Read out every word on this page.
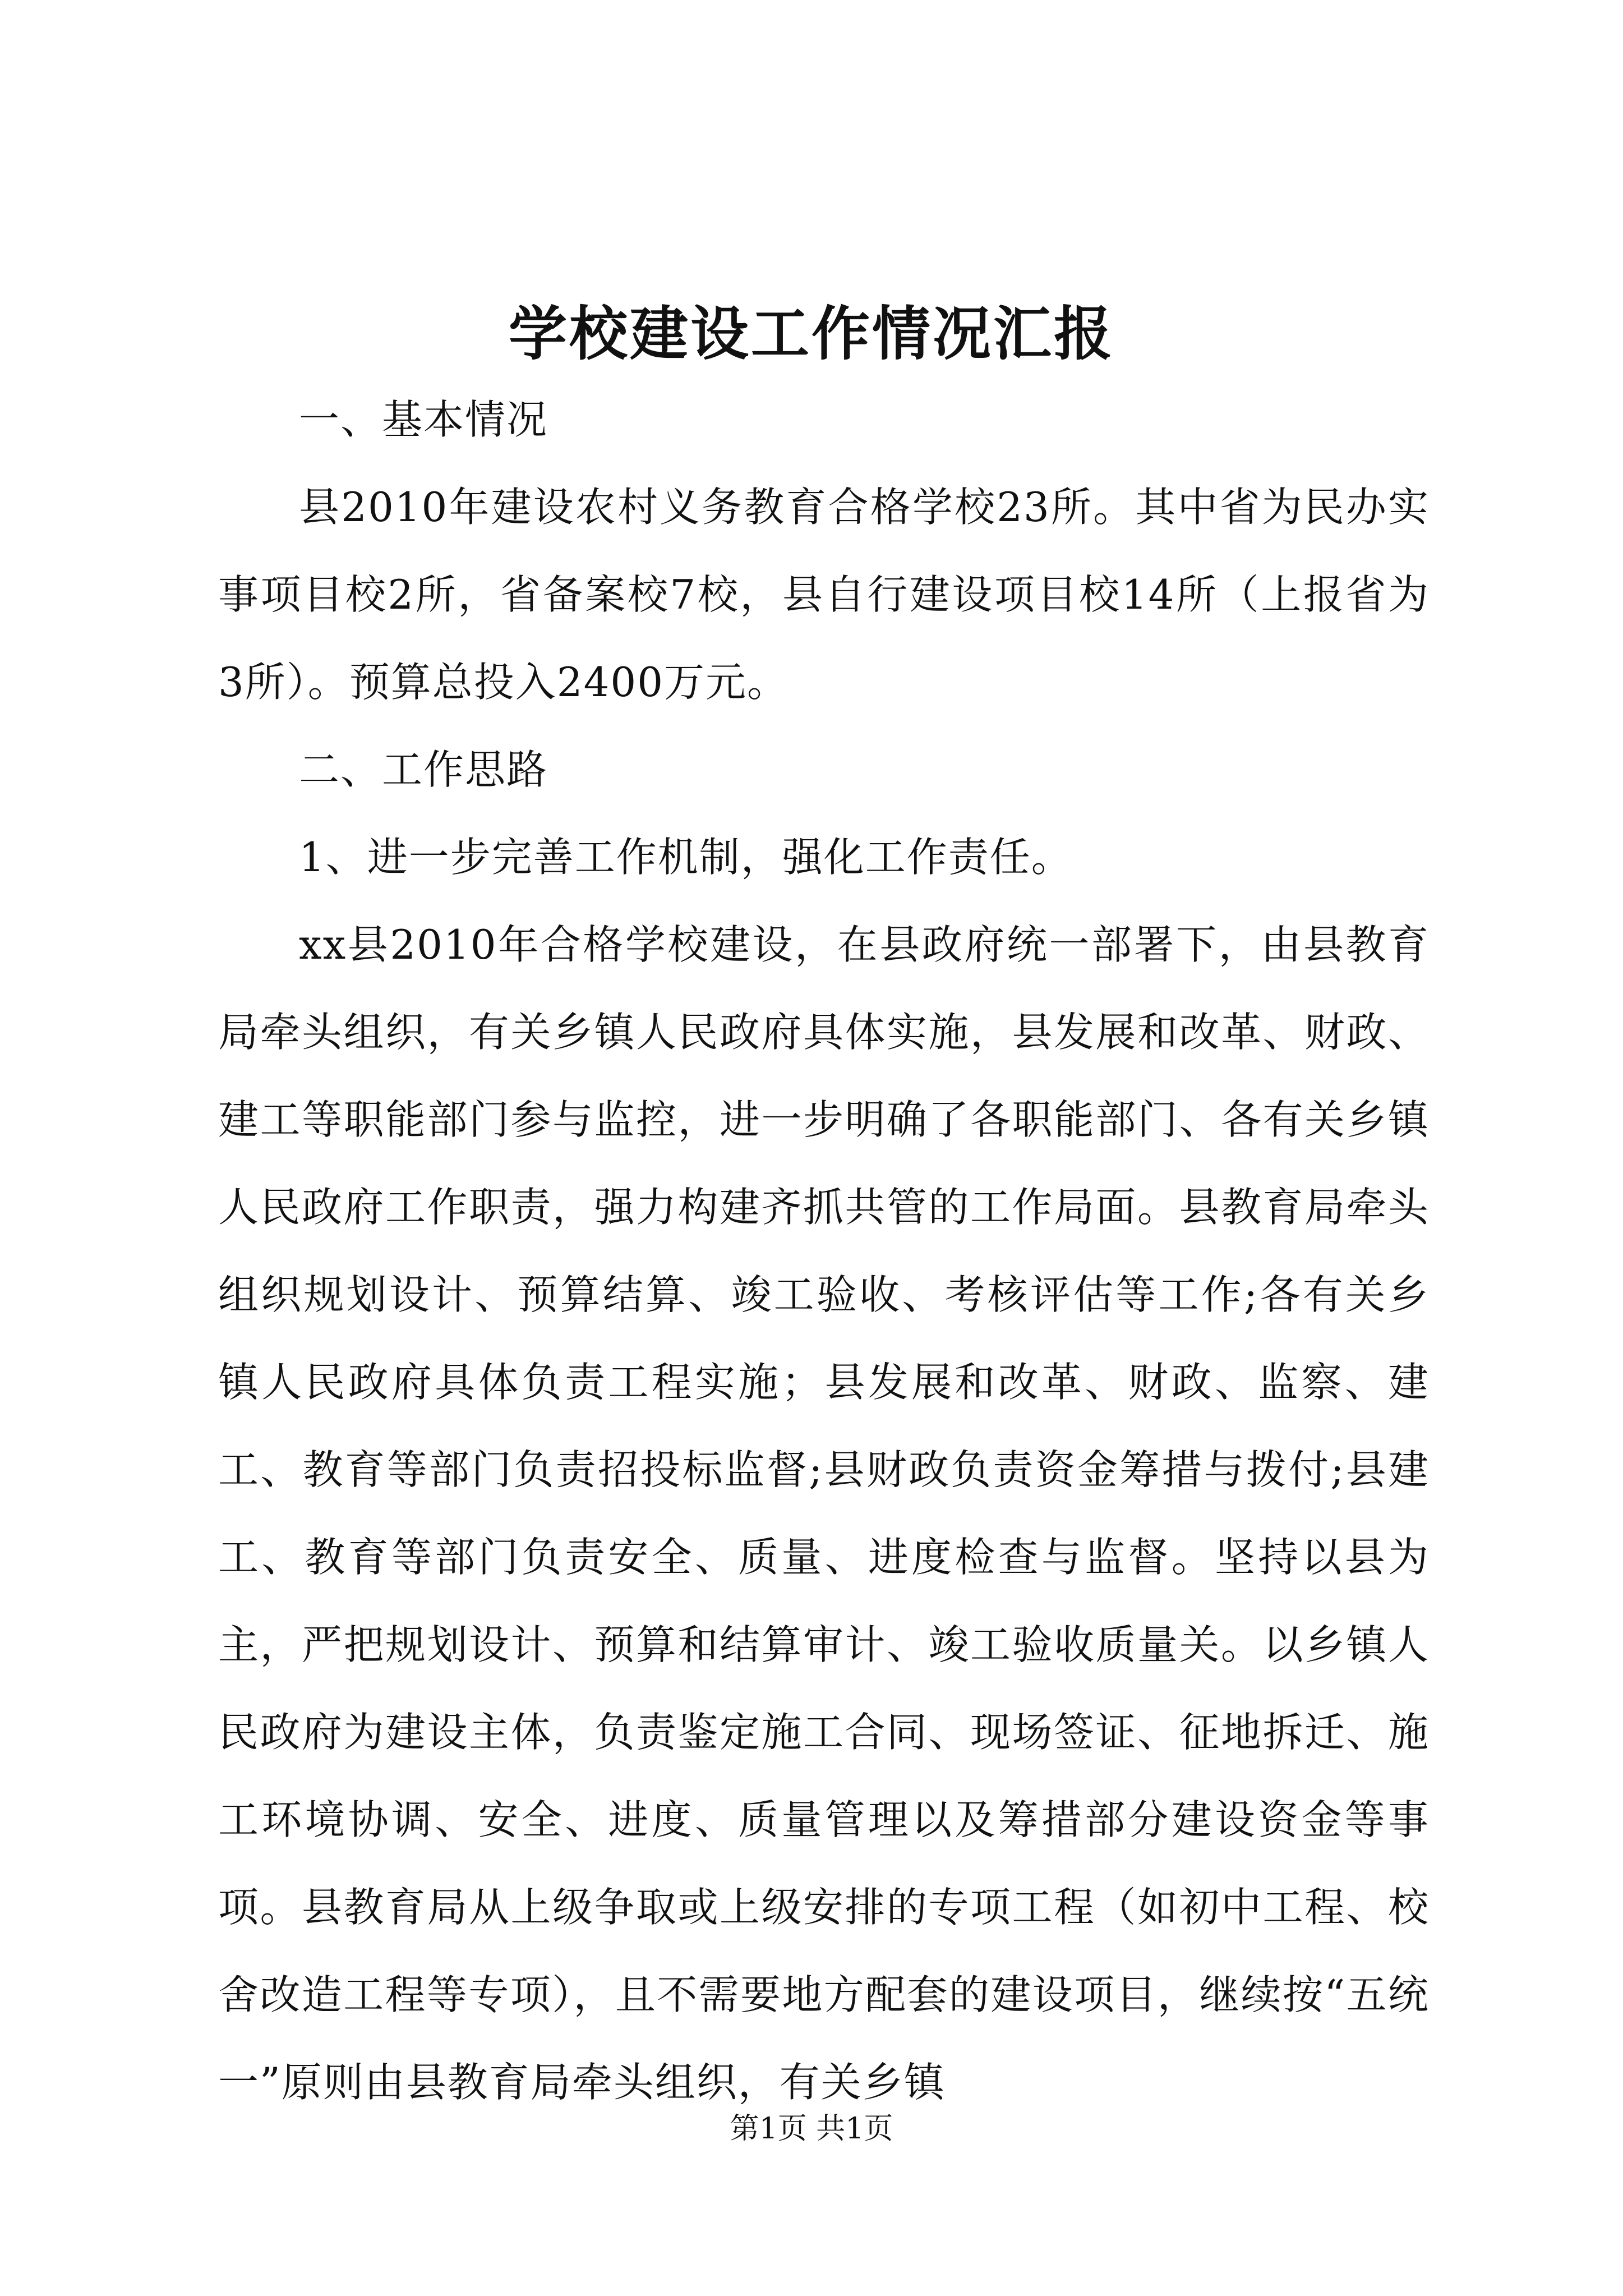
学校建设工作情况汇报

一、基本情况

县2010年建设农村义务教育合格学校23所。其中省为民办实事项目校2所，省备案校7校，县自行建设项目校14所（上报省为3所）。预算总投入2400万元。

二、工作思路

1、进一步完善工作机制，强化工作责任。

xx县2010年合格学校建设，在县政府统一部署下，由县教育局牵头组织，有关乡镇人民政府具体实施，县发展和改革、财政、建工等职能部门参与监控，进一步明确了各职能部门、各有关乡镇人民政府工作职责，强力构建齐抓共管的工作局面。县教育局牵头组织规划设计、预算结算、竣工验收、考核评估等工作;各有关乡镇人民政府具体负责工程实施；县发展和改革、财政、监察、建工、教育等部门负责招投标监督;县财政负责资金筹措与拨付;县建工、教育等部门负责安全、质量、进度检查与监督。坚持以县为主，严把规划设计、预算和结算审计、竣工验收质量关。以乡镇人民政府为建设主体，负责鉴定施工合同、现场签证、征地拆迁、施工环境协调、安全、进度、质量管理以及筹措部分建设资金等事项。县教育局从上级争取或上级安排的专项工程（如初中工程、校舍改造工程等专项），且不需要地方配套的建设项目，继续按“五统一”原则由县教育局牵头组织，有关乡镇

第1页 共1页
